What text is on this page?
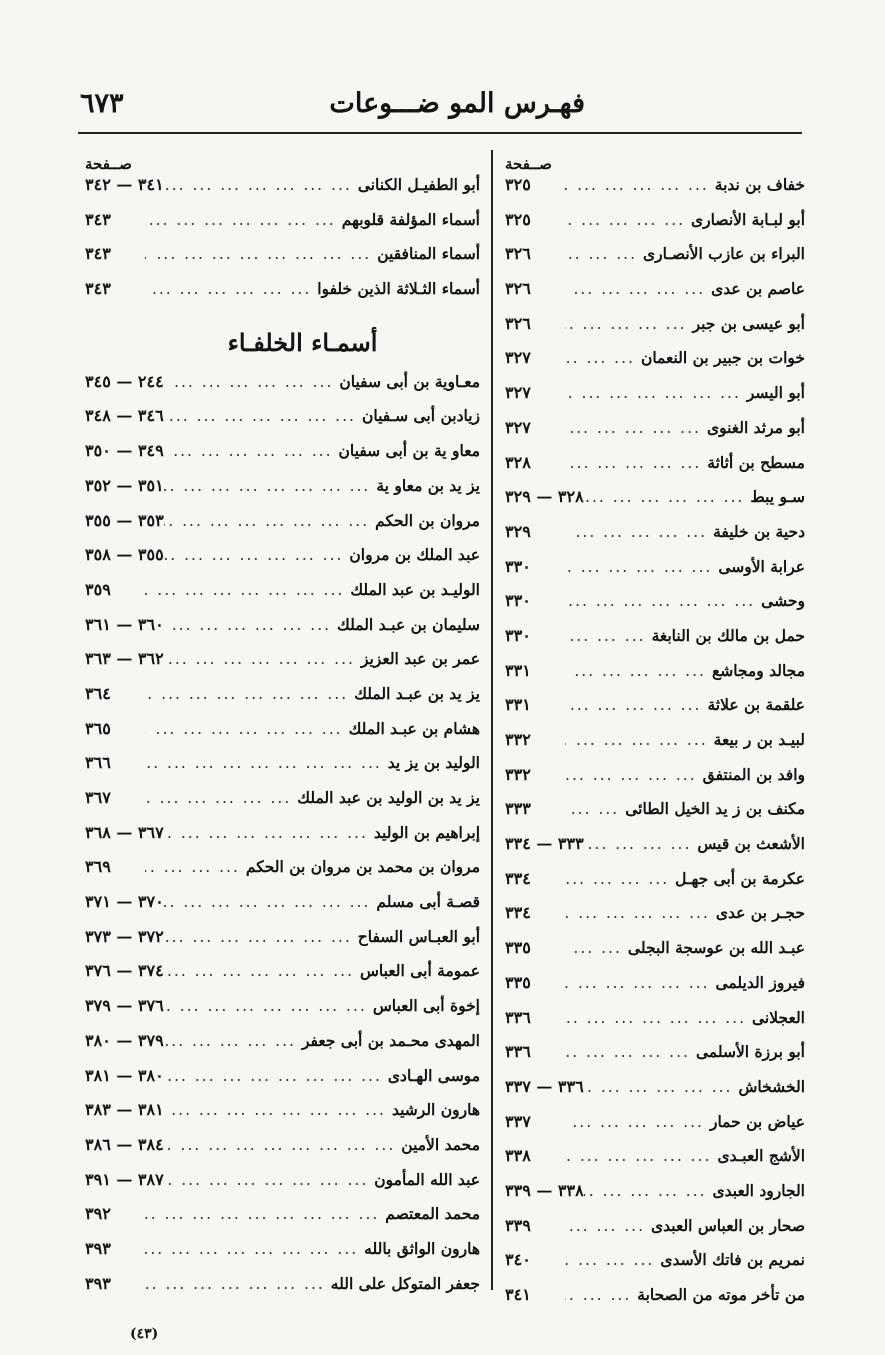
فهـرس المو ضـــوعات
٦٧٣
صــفحة
خفاف بن ندبة
... .
٣٢٥
أبو لبـابة الأنصارى
... .
٣٢٥
البراء بن عازب الأنصـارى
... .
٣٢٦
عاصم بن عدى
... .
٣٢٦
أبو عيسى بن جبر
... .
٣٢٦
خوات بن جبير بن النعمان
... .
٣٢٧
أبو اليسر
... .
٣٢٧
أبو مرثد الغنوى
... .
٣٢٧
مسطح بن أثاثة
... .
٣٢٨
سـو يبط
... .
٣٢٨ — ٣٢٩
دحية بن خليفة
... .
٣٢٩
عرابة الأوسى
... .
٣٣٠
وحشى
... .
٣٣٠
حمل بن مالك بن النابغة
... .
٣٣٠
مجالد ومجاشع
... .
٣٣١
علقمة بن علاثة
... .
٣٣١
لبيـد بن ر بيعة
... .
٣٣٢
وافد بن المنتفق
... .
٣٣٢
مكنف بن ز يد الخيل الطائى
... .
٣٣٣
الأشعث بن قيس
... .
٣٣٣ — ٣٣٤
عكرمة بن أبى جهـل
... .
٣٣٤
حجـر بن عدى
... .
٣٣٤
عبـد الله بن عوسجة البجلى
... .
٣٣٥
فيروز الديلمى
... .
٣٣٥
العجلانى
... .
٣٣٦
أبو برزة الأسلمى
... .
٣٣٦
الخشخاش
... .
٣٣٦ — ٣٣٧
عياض بن حمار
... .
٣٣٧
الأشج العبـدى
... .
٣٣٨
الجارود العبدى
... .
٣٣٨ — ٣٣٩
صحار بن العباس العبدى
... .
٣٣٩
نمريم بن فاتك الأسدى
... .
٣٤٠
من تأخر موته من الصحابة
... .
٣٤١
صــفحة
أبو الطفيـل الكنانى
... .
٣٤١ — ٣٤٢
أسماء المؤلفة قلوبهم
... .
٣٤٣
أسماء المنافقين
... .
٣٤٣
أسماء الثـلاثة الذين خلفوا
... .
٣٤٣
أسمـاء الخلفـاء
معـاوية بن أبى سفيان
... .
٢٤٤ — ٣٤٥
زيادبن أبى سـفيان
... .
٣٤٦ — ٣٤٨
معاو ية بن أبى سفيان
... .
٣٤٩ — ٣٥٠
يز يد بن معاو ية
... .
٣٥١ — ٣٥٢
مروان بن الحكم
... .
٣٥٣ — ٣٥٥
عبد الملك بن مروان
... .
٣٥٥ — ٣٥٨
الوليـد بن عبد الملك
... .
٣٥٩
سليمان بن عبـد الملك
... .
٣٦٠ — ٣٦١
عمر بن عبد العزيز
... .
٣٦٢ — ٣٦٣
يز يد بن عبـد الملك
... .
٣٦٤
هشام بن عبـد الملك
... .
٣٦٥
الوليد بن يز يد
... .
٣٦٦
يز يد بن الوليد بن عبد الملك
... .
٣٦٧
إبراهيم بن الوليد
... .
٣٦٧ — ٣٦٨
مروان بن محمد بن مروان بن الحكم
... .
٣٦٩
قصـة أبى مسلم
... .
٣٧٠ — ٣٧١
أبو العبـاس السفاح
... .
٣٧٢ — ٣٧٣
عمومة أبى العباس
... .
٣٧٤ — ٣٧٦
إخوة أبى العباس
... .
٣٧٦ — ٣٧٩
المهدى محـمد بن أبى جعفر
... .
٣٧٩ — ٣٨٠
موسى الهـادى
... .
٣٨٠ — ٣٨١
هارون الرشيد
... .
٣٨١ — ٣٨٣
محمد الأمين
... .
٣٨٤ — ٣٨٦
عبد الله المأمون
... .
٣٨٧ — ٣٩١
محمد المعتصم
... .
٣٩٢
هارون الواثق بالله
... .
٣٩٣
جعفر المتوكل على الله
... .
٣٩٣
(٤٣)
